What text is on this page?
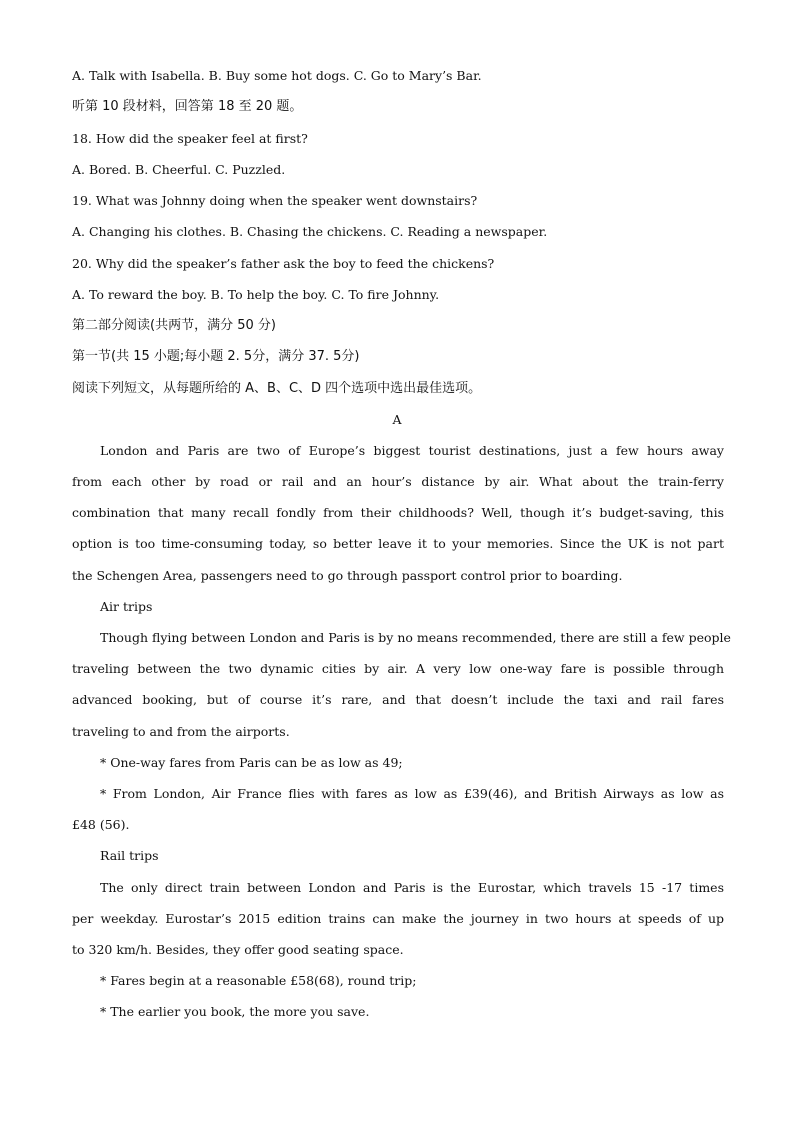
A. Talk with Isabella. B. Buy some hot dogs. C. Go to Mary’s Bar.
听第 10 段材料，回答第 18 至 20 题。
18. How did the speaker feel at first?
A. Bored. B. Cheerful. C. Puzzled.
19. What was Johnny doing when the speaker went downstairs?
A. Changing his clothes. B. Chasing the chickens. C. Reading a newspaper.
20. Why did the speaker’s father ask the boy to feed the chickens?
A. To reward the boy. B. To help the boy. C. To fire Johnny.
第二部分阅读(共两节，满分 50 分)
第一节(共 15 小题;每小题 2. 5分，满分 37. 5分)
阅读下列短文，从每题所给的 A、B、C、D 四个选项中选出最佳选项。
A
London and Paris are two of Europe’s biggest tourist destinations, just a few hours away
from each other by road or rail and an hour’s distance by air. What about the train-ferry
combination that many recall fondly from their childhoods? Well, though it’s budget-saving, this
option is too time-consuming today, so better leave it to your memories. Since the UK is not part
the Schengen Area, passengers need to go through passport control prior to boarding.
Air trips
Though flying between London and Paris is by no means recommended, there are still a few people
traveling between the two dynamic cities by air. A very low one-way fare is possible through
advanced booking, but of course it’s rare, and that doesn’t include the taxi and rail fares
traveling to and from the airports.
* One-way fares from Paris can be as low as 49;
* From London, Air France flies with fares as low as £39(46), and British Airways as low as
£48 (56).
Rail trips
The only direct train between London and Paris is the Eurostar, which travels 15 -17 times
per weekday. Eurostar’s 2015 edition trains can make the journey in two hours at speeds of up
to 320 km/h. Besides, they offer good seating space.
* Fares begin at a reasonable £58(68), round trip;
* The earlier you book, the more you save.
